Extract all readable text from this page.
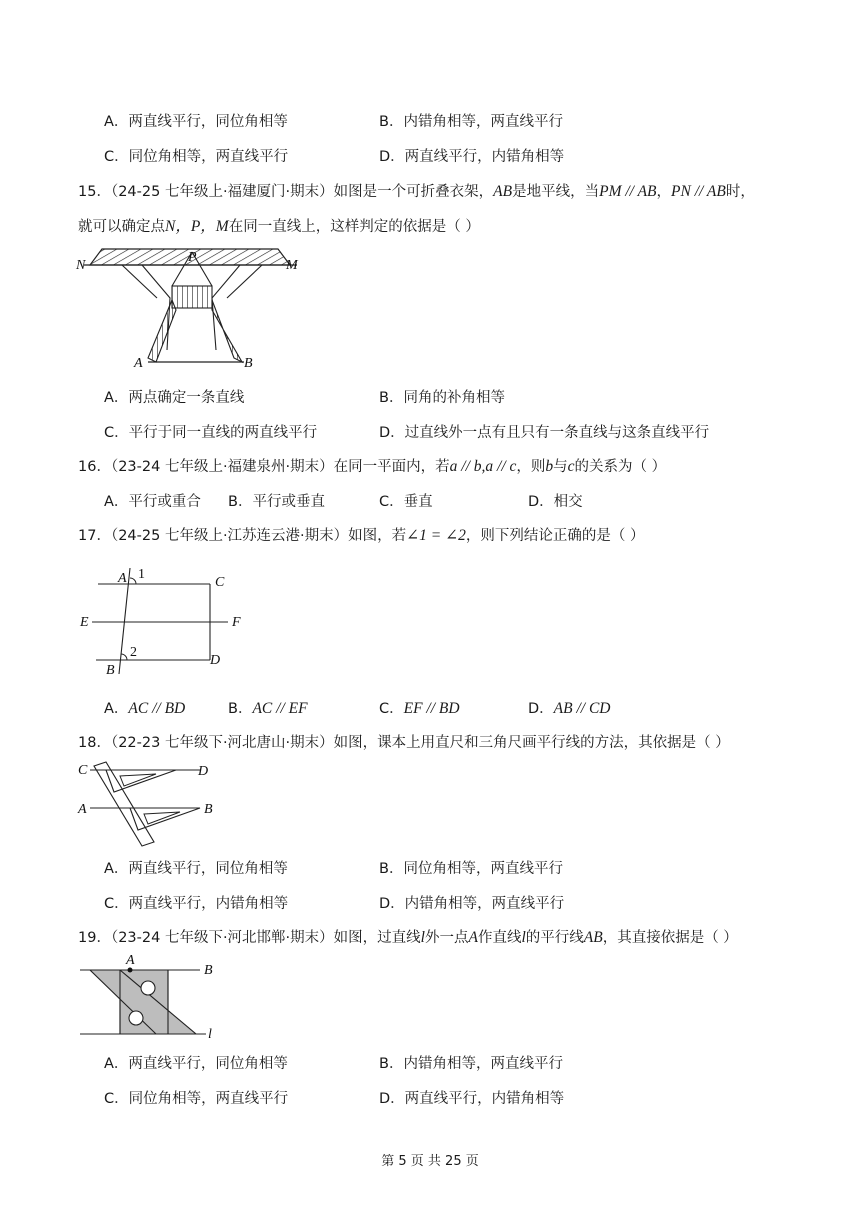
A．两直线平行，同位角相等	B．内错角相等，两直线平行
C．同位角相等，两直线平行	D．两直线平行，内错角相等
15．（24-25 七年级上·福建厦门·期末）如图是一个可折叠衣架，AB是地平线，当PM // AB，PN // AB时，
就可以确定点N，P，M在同一直线上，这样判定的依据是（ ）
N
P
M
A	B
A．两点确定一条直线	B．同角的补角相等
C．平行于同一直线的两直线平行	D．过直线外一点有且只有一条直线与这条直线平行
16．（23-24 七年级上·福建泉州·期末）在同一平面内，若a // b,a // c，则b与c的关系为（ ）
A．平行或重合 B．平行或垂直	C．垂直	D．相交
17．（24-25 七年级上·江苏连云港·期末）如图，若∠1 = ∠2，则下列结论正确的是（ ）
A 1
C
E	F
2
B
D
A．AC // BD	B．AC // EF	C．EF // BD	D．AB // CD
18．（22-23 七年级下·河北唐山·期末）如图，课本上用直尺和三角尺画平行线的方法，其依据是（ ）
C	D
A	B
A．两直线平行，同位角相等	B．同位角相等，两直线平行
C．两直线平行，内错角相等	D．内错角相等，两直线平行
19．（23-24 七年级下·河北邯郸·期末）如图，过直线l外一点A作直线l的平行线AB，其直接依据是（ ）
A
B
l
A．两直线平行，同位角相等	B．内错角相等，两直线平行
C．同位角相等，两直线平行	D．两直线平行，内错角相等
第 5 页 共 25 页
